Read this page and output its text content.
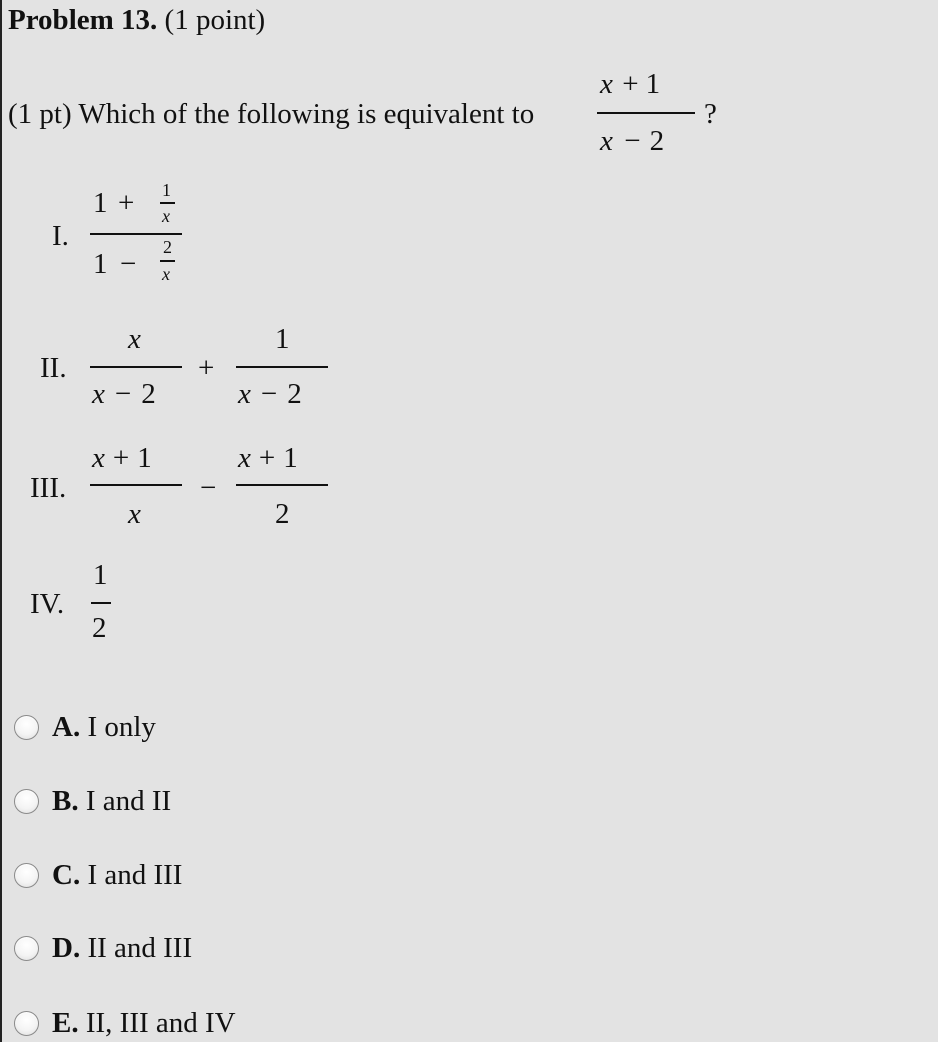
Problem 13. (1 point)
(1 pt) Which of the following is equivalent to
x  + 1
x  − 2
?
I.
1 + 1
x
1 −
2
x
II.
x
x − 2
+
1
x − 2
III.
x + 1
x
−
x + 1
2
IV.
1
2
A. I only
B. I and II
C. I and III
D. II and III
E. II, III and IV
